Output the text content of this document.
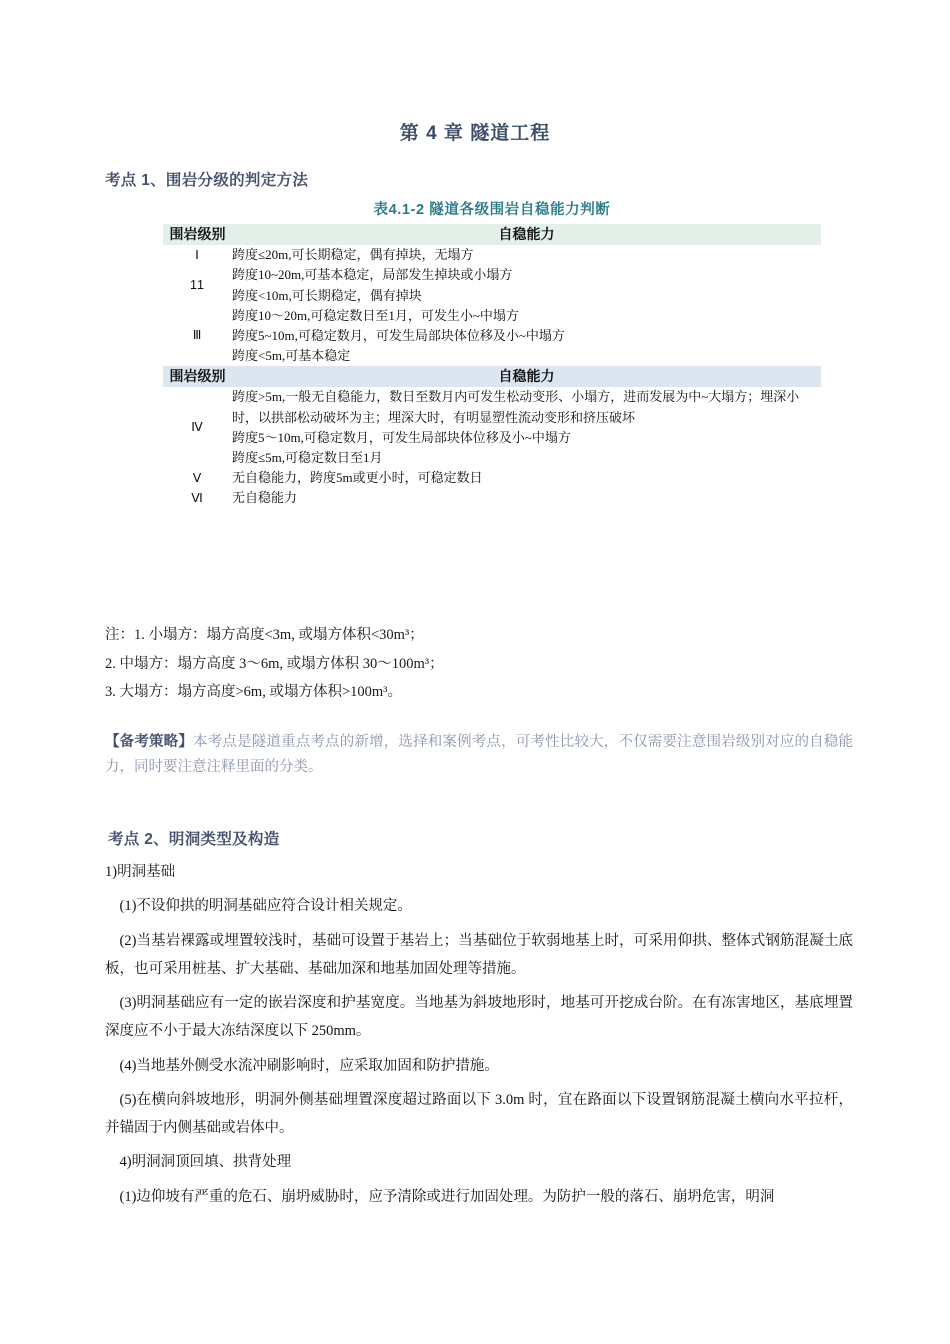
第 4 章 隧道工程
考点 1、围岩分级的判定方法
表4.1-2 隧道各级围岩自稳能力判断
围岩级别	自稳能力
Ⅰ	跨度≤20m,可长期稳定，偶有掉块，无塌方

11	跨度10~20m,可基本稳定，局部发生掉块或小塌方
跨度<10m,可长期稳定，偶有掉块

Ⅲ	跨度10～20m,可稳定数日至1月，可发生小~中塌方
跨度5~10m,可稳定数月，可发生局部块体位移及小~中塌方
跨度<5m,可基本稳定

围岩级别	自稳能力
Ⅳ	跨度>5m,一般无自稳能力，数日至数月内可发生松动变形、小塌方，进而发展为中~大塌方；埋深小时，以拱部松动破坏为主；埋深大时，有明显塑性流动变形和挤压破坏
跨度5～10m,可稳定数月，可发生局部块体位移及小~中塌方
跨度≤5m,可稳定数日至1月

Ⅴ	无自稳能力，跨度5m或更小时，可稳定数日

Ⅵ	无自稳能力
注：1. 小塌方：塌方高度<3m, 或塌方体积<30m³；
2. 中塌方：塌方高度 3～6m, 或塌方体积 30～100m³；
3. 大塌方：塌方高度>6m, 或塌方体积>100m³。
【备考策略】本考点是隧道重点考点的新增，选择和案例考点，可考性比较大，不仅需要注意围岩级别对应的自稳能力，同时要注意注释里面的分类。
考点 2、明洞类型及构造

1)明洞基础

(1)不设仰拱的明洞基础应符合设计相关规定。

(2)当基岩裸露或埋置较浅时，基础可设置于基岩上；当基础位于软弱地基上时，可采用仰拱、整体式钢筋混凝土底板，也可采用桩基、扩大基础、基础加深和地基加固处理等措施。

(3)明洞基础应有一定的嵌岩深度和护基宽度。当地基为斜坡地形时，地基可开挖成台阶。在有冻害地区，基底埋置深度应不小于最大冻结深度以下 250mm。

(4)当地基外侧受水流冲刷影响时，应采取加固和防护措施。

(5)在横向斜坡地形，明洞外侧基础埋置深度超过路面以下 3.0m 时，宜在路面以下设置钢筋混凝土横向水平拉杆，并锚固于内侧基础或岩体中。

4)明洞洞顶回填、拱背处理

(1)边仰坡有严重的危石、崩坍威胁时，应予清除或进行加固处理。为防护一般的落石、崩坍危害，明洞
